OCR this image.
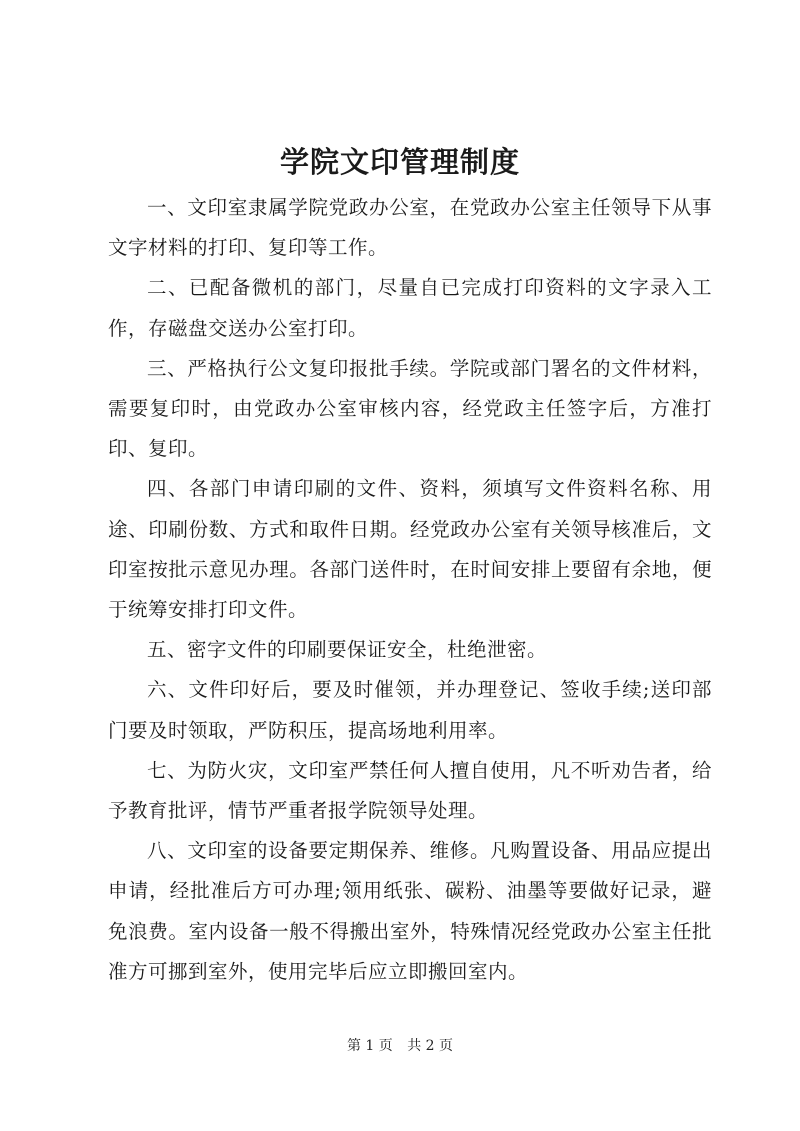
学院文印管理制度

一、文印室隶属学院党政办公室，在党政办公室主任领导下从事文字材料的打印、复印等工作。

二、已配备微机的部门，尽量自已完成打印资料的文字录入工作，存磁盘交送办公室打印。

三、严格执行公文复印报批手续。学院或部门署名的文件材料，需要复印时，由党政办公室审核内容，经党政主任签字后，方准打印、复印。

四、各部门申请印刷的文件、资料，须填写文件资料名称、用途、印刷份数、方式和取件日期。经党政办公室有关领导核准后，文印室按批示意见办理。各部门送件时，在时间安排上要留有余地，便于统筹安排打印文件。

五、密字文件的印刷要保证安全，杜绝泄密。

六、文件印好后，要及时催领，并办理登记、签收手续;送印部门要及时领取，严防积压，提高场地利用率。

七、为防火灾，文印室严禁任何人擅自使用，凡不听劝告者，给予教育批评，情节严重者报学院领导处理。

八、文印室的设备要定期保养、维修。凡购置设备、用品应提出申请，经批准后方可办理;领用纸张、碳粉、油墨等要做好记录，避免浪费。室内设备一般不得搬出室外，特殊情况经党政办公室主任批准方可挪到室外，使用完毕后应立即搬回室内。

第 1 页 共 2 页
